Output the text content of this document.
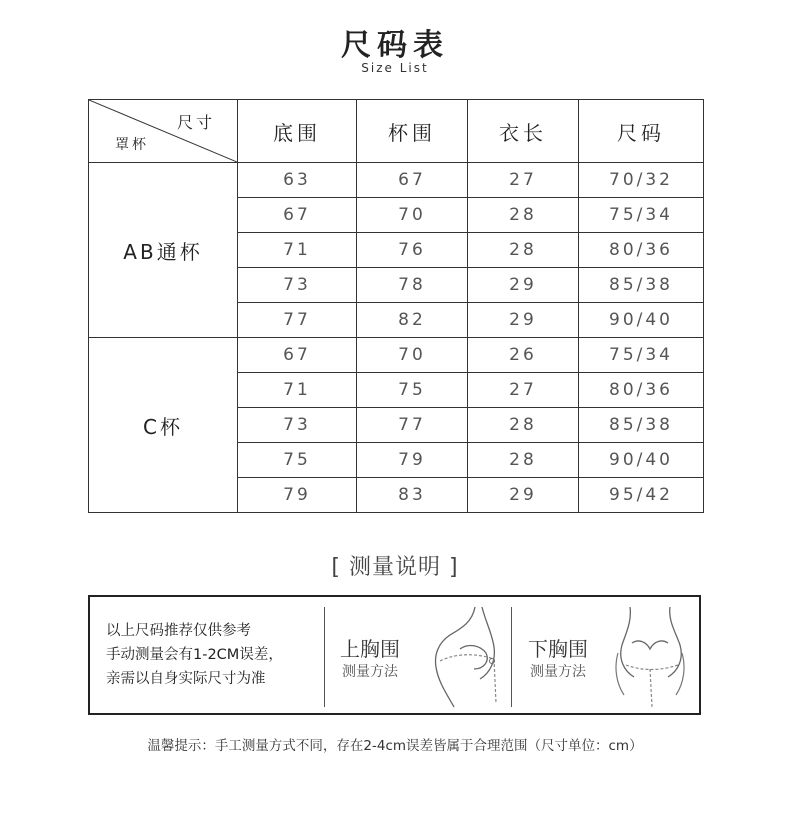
尺码表
Size List
尺寸
罩杯	底围	杯围	衣长	尺码
AB通杯	63	67	27	70/32
	67	70	28	75/34
	71	76	28	80/36
	73	78	29	85/38
	77	82	29	90/40
C杯	67	70	26	75/34
	71	75	27	80/36
	73	77	28	85/38
	75	79	28	90/40
	79	83	29	95/42
[ 测量说明 ]
以上尺码推荐仅供参考
手动测量会有1-2CM误差，
亲需以自身实际尺寸为准
上胸围
测量方法
下胸围
测量方法
温馨提示：手工测量方式不同，存在2-4cm误差皆属于合理范围（尺寸单位：cm）
